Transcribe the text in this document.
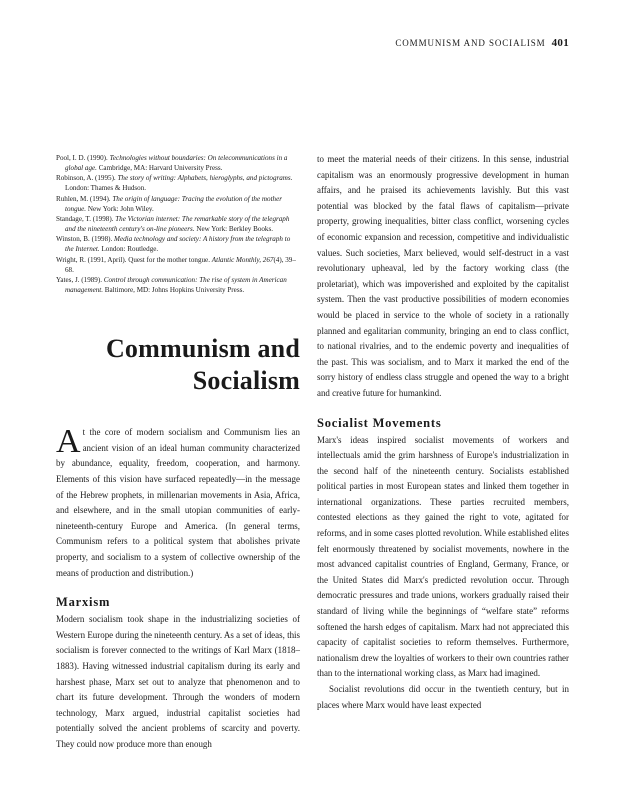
COMMUNISM AND SOCIALISM 401
Pool, I. D. (1990). Technologies without boundaries: On telecommunications in a global age. Cambridge, MA: Harvard University Press.
Robinson, A. (1995). The story of writing: Alphabets, hieroglyphs, and pictograms. London: Thames & Hudson.
Ruhlen, M. (1994). The origin of language: Tracing the evolution of the mother tongue. New York: John Wiley.
Standage, T. (1998). The Victorian internet: The remarkable story of the telegraph and the nineteenth century's on-line pioneers. New York: Berkley Books.
Winston, B. (1998). Media technology and society: A history from the telegraph to the Internet. London: Routledge.
Wright, R. (1991, April). Quest for the mother tongue. Atlantic Monthly, 267(4), 39–68.
Yates, J. (1989). Control through communication: The rise of system in American management. Baltimore, MD: Johns Hopkins University Press.
Communism and
Socialism

At the core of modern socialism and Communism lies an ancient vision of an ideal human community characterized by abundance, equality, freedom, cooperation, and harmony. Elements of this vision have surfaced repeatedly—in the message of the Hebrew prophets, in millenarian movements in Asia, Africa, and elsewhere, and in the small utopian communities of early-nineteenth-century Europe and America. (In general terms, Communism refers to a political system that abolishes private property, and socialism to a system of collective ownership of the means of production and distribution.)

Marxism

Modern socialism took shape in the industrializing societies of Western Europe during the nineteenth century. As a set of ideas, this socialism is forever connected to the writings of Karl Marx (1818–1883). Having witnessed industrial capitalism during its early and harshest phase, Marx set out to analyze that phenomenon and to chart its future development. Through the wonders of modern technology, Marx argued, industrial capitalist societies had potentially solved the ancient problems of scarcity and poverty. They could now produce more than enough

to meet the material needs of their citizens. In this sense, industrial capitalism was an enormously progressive development in human affairs, and he praised its achievements lavishly. But this vast potential was blocked by the fatal flaws of capitalism—private property, growing inequalities, bitter class conflict, worsening cycles of economic expansion and recession, competitive and individualistic values. Such societies, Marx believed, would self-destruct in a vast revolutionary upheaval, led by the factory working class (the proletariat), which was impoverished and exploited by the capitalist system. Then the vast productive possibilities of modern economies would be placed in service to the whole of society in a rationally planned and egalitarian community, bringing an end to class conflict, to national rivalries, and to the endemic poverty and inequalities of the past. This was socialism, and to Marx it marked the end of the sorry history of endless class struggle and opened the way to a bright and creative future for humankind.

Socialist Movements

Marx's ideas inspired socialist movements of workers and intellectuals amid the grim harshness of Europe's industrialization in the second half of the nineteenth century. Socialists established political parties in most European states and linked them together in international organizations. These parties recruited members, contested elections as they gained the right to vote, agitated for reforms, and in some cases plotted revolution. While established elites felt enormously threatened by socialist movements, nowhere in the most advanced capitalist countries of England, Germany, France, or the United States did Marx's predicted revolution occur. Through democratic pressures and trade unions, workers gradually raised their standard of living while the beginnings of “welfare state” reforms softened the harsh edges of capitalism. Marx had not appreciated this capacity of capitalist societies to reform themselves. Furthermore, nationalism drew the loyalties of workers to their own countries rather than to the international working class, as Marx had imagined.

Socialist revolutions did occur in the twentieth century, but in places where Marx would have least expected
